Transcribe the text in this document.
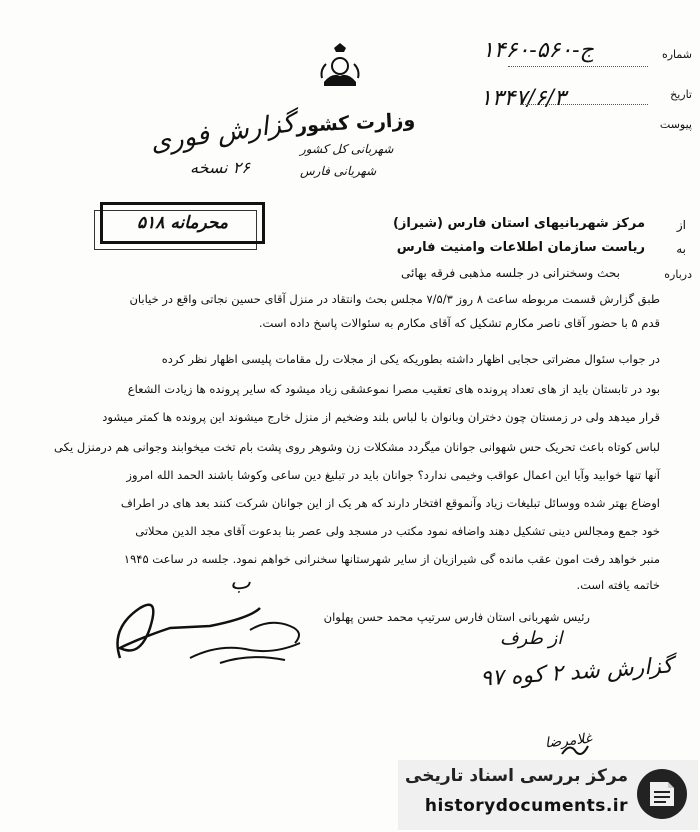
شماره
۱۴۶۰-۵۶۰-ج
تاریخ
۱۳۴۷/۶/۳
پیوست
وزارت کشور
شهربانی کل کشور
شهربانی فارس
گزارش فوری
۲۶ نسخه
محرمانه ۵۱۸	از
مرکز شهربانیهای استان فارس (شیراز)
به
ریاست سازمان اطلاعات وامنیت فارس
درباره
بحث وسخنرانی در جلسه مذهبی فرقه بهائی
طبق گزارش قسمت مربوطه ساعت ۸ روز ۷/۵/۳ مجلس بحث وانتقاد در منزل آقای حسین نجاتی واقع در خیابان
قدم ۵ با حضور آقای ناصر مکارم تشکیل که آقای مکارم به سئوالات پاسخ داده است.
در جواب سئوال مضراتی حجابی اظهار داشته بطوریکه یکی از مجلات رل مقامات پلیسی اظهار نظر کرده
بود در تابستان باید از های تعداد پرونده های تعقیب مصرا نموعشقی زیاد میشود که سایر پرونده ها زیادت الشعاع
قرار میدهد ولی در زمستان چون دختران وبانوان با لباس بلند وضخیم از منزل خارج میشوند این پرونده ها کمتر میشود
لباس کوتاه باعث تحریک حس شهوانی جوانان میگردد مشکلات زن وشوهر روی پشت بام تخت میخوابند وجوانی هم درمنزل یکی
آنها تنها خوابید وآیا این اعمال عواقب وخیمی ندارد؟ جوانان باید در تبلیغ دین ساعی وکوشا باشند الحمد الله امروز
اوضاع بهتر شده ووسائل تبلیغات زیاد وآنموقع افتخار دارند که هر یک از این جوانان شرکت کنند بعد های در اطراف
خود جمع ومجالس دینی تشکیل دهند واضافه نمود مکتب در مسجد ولی عصر بنا بدعوت آقای مجد الدین محلاتی
منبر خواهد رفت امون عقب مانده گی شیرازیان از سایر شهرستانها سخنرانی خواهم نمود. جلسه در ساعت ۱۹۴۵
خاتمه یافته است.
ب
رئیس شهربانی استان فارس سرتیپ محمد حسن پهلوان
از طرف
گزارش شد ۲ کوه ۹۷
غلامرضا
مرکز بررسی اسناد تاریخی
historydocuments.ir
